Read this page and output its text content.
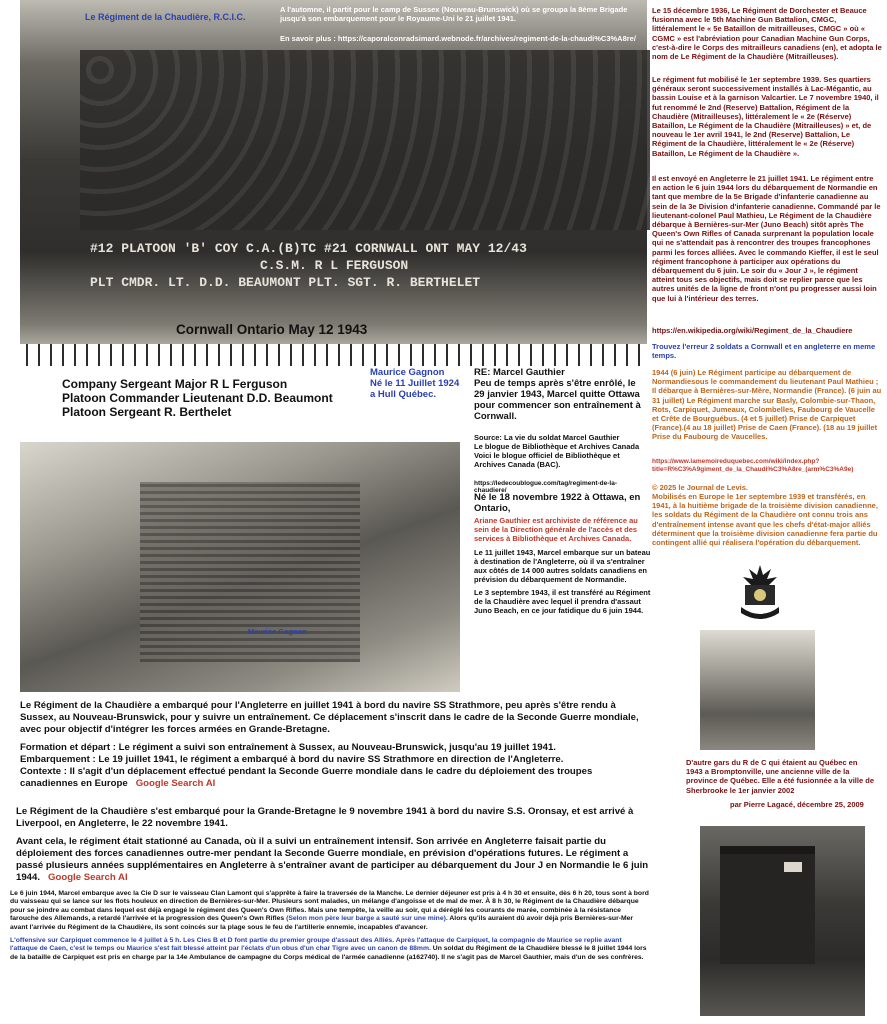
#12 PLATOON 'B' COY C.A.(B)TC #21 CORNWALL ONT MAY 12/43
C.S.M. R L FERGUSON
PLT CMDR. LT. D.D. BEAUMONT PLT. SGT. R. BERTHELET
Le Régiment de la Chaudière, R.C.I.C.
A l'automne, il partit pour le camp de Sussex (Nouveau-Brunswick) où se groupa la 8ème Brigade jusqu'à son embarquement pour le Royaume-Uni le 21 juillet 1941.
En savoir plus : https://caporalconradsimard.webnode.fr/archives/regiment-de-la-chaudi%C3%A8re/
Cornwall Ontario May 12 1943
Company Sergeant Major R L Ferguson
Platoon Commander Lieutenant D.D. Beaumont
Platoon Sergeant R. Berthelet
Maurice Gagnon
Né le 11 Juillet 1924
a Hull Québec.
RE: Marcel Gauthier
Peu de temps après s'être enrôlé, le 29 janvier 1943, Marcel quitte Ottawa pour commencer son entraînement à Cornwall.
Maurice Gagnon
Source: La vie du soldat Marcel Gauthier
Le blogue de Bibliothèque et Archives Canada
Voici le blogue officiel de Bibliothèque et Archives Canada (BAC).
https://ledecoublogue.com/tag/regiment-de-la-chaudiere/
Né le 18 novembre 1922 à Ottawa, en Ontario,
Ariane Gauthier est archiviste de référence au sein de la Direction générale de l'accès et des services à Bibliothèque et Archives Canada.
Le 11 juillet 1943, Marcel embarque sur un bateau à destination de l'Angleterre, où il va s'entraîner aux côtés de 14 000 autres soldats canadiens en prévision du débarquement de Normandie.
Le 3 septembre 1943, il est transféré au Régiment de la Chaudière avec lequel il prendra d'assaut Juno Beach, en ce jour fatidique du 6 juin 1944.

Le Régiment de la Chaudière a embarqué pour l'Angleterre en juillet 1941 à bord du navire SS Strathmore, peu après s'être rendu à Sussex, au Nouveau-Brunswick, pour y suivre un entraînement. Ce déplacement s'inscrit dans le cadre de la Seconde Guerre mondiale, avec pour objectif d'intégrer les forces armées en Grande-Bretagne.

Formation et départ : Le régiment a suivi son entraînement à Sussex, au Nouveau-Brunswick, jusqu'au 19 juillet 1941.
Embarquement : Le 19 juillet 1941, le régiment a embarqué à bord du navire SS Strathmore en direction de l'Angleterre.
Contexte : Il s'agit d'un déplacement effectué pendant la Seconde Guerre mondiale dans le cadre du déploiement des troupes canadiennes en Europe Google Search AI
Le Régiment de la Chaudière s'est embarqué pour la Grande-Bretagne le 9 novembre 1941 à bord du navire S.S. Oronsay, et est arrivé à Liverpool, en Angleterre, le 22 novembre 1941.
Avant cela, le régiment était stationné au Canada, où il a suivi un entraînement intensif. Son arrivée en Angleterre faisait partie du déploiement des forces canadiennes outre-mer pendant la Seconde Guerre mondiale, en prévision d'opérations futures. Le régiment a passé plusieurs années supplémentaires en Angleterre à s'entraîner avant de participer au débarquement du Jour J en Normandie le 6 juin 1944. Google Search AI
Le 6 juin 1944, Marcel embarque avec la Cie D sur le vaisseau Clan Lamont qui s'apprête à faire la traversée de la Manche. Le dernier déjeuner est pris à 4 h 30 et ensuite, dès 6 h 20, tous sont à bord du vaisseau qui se lance sur les flots houleux en direction de Bernières-sur-Mer. Plusieurs sont malades, un mélange d'angoisse et de mal de mer. À 8 h 30, le Régiment de la Chaudière débarque pour se joindre au combat dans lequel est déjà engagé le régiment des Queen's Own Rifles. Mais une tempête, la veille au soir, qui a déréglé les courants de marée, combinée à la résistance farouche des Allemands, a retardé l'arrivée et la progression des Queen's Own Rifles (Selon mon père leur barge a sauté sur une mine). Alors qu'ils auraient dû avoir déjà pris Bernières-sur-Mer avant l'arrivée du Régiment de la Chaudière, ils sont coincés sur la plage sous le feu de l'artillerie ennemie, incapables d'avancer.
L'offensive sur Carpiquet commence le 4 juillet à 5 h. Les Cies B et D font partie du premier groupe d'assaut des Alliés. Après l'attaque de Carpiquet, la compagnie de Maurice se replie avant l'attaque de Caen, c'est le temps ou Maurice s'est fait blessé atteint par l'éclats d'un obus d'un char Tigre avec un canon de 88mm. Un soldat du Régiment de la Chaudière blessé le 8 juillet 1944 lors de la bataille de Carpiquet est pris en charge par la 14e Ambulance de campagne du Corps médical de l'armée canadienne (a162740). Il ne s'agit pas de Marcel Gauthier, mais d'un de ses confrères.
Le 15 décembre 1936, Le Régiment de Dorchester et Beauce fusionna avec le 5th Machine Gun Battalion, CMGC, littéralement le « 5e Bataillon de mitrailleuses, CMGC » où « CGMC » est l'abréviation pour Canadian Machine Gun Corps, c'est-à-dire le Corps des mitrailleurs canadiens (en), et adopta le nom de Le Régiment de la Chaudière (Mitrailleuses).
Le régiment fut mobilisé le 1er septembre 1939. Ses quartiers généraux seront successivement installés à Lac-Mégantic, au bassin Louise et à la garnison Valcartier. Le 7 novembre 1940, il fut renommé le 2nd (Reserve) Battalion, Régiment de la Chaudière (Mitrailleuses), littéralement le « 2e (Réserve) Bataillon, Le Régiment de la Chaudière (Mitrailleuses) » et, de nouveau le 1er avril 1941, le 2nd (Reserve) Battalion, Le Régiment de la Chaudière, littéralement le « 2e (Réserve) Bataillon, Le Régiment de la Chaudière ».
Il est envoyé en Angleterre le 21 juillet 1941. Le régiment entre en action le 6 juin 1944 lors du débarquement de Normandie en tant que membre de la 5e Brigade d'infanterie canadienne au sein de la 3e Division d'infanterie canadienne. Commandé par le lieutenant-colonel Paul Mathieu, Le Régiment de la Chaudière débarque à Bernières-sur-Mer (Juno Beach) sitôt après The Queen's Own Rifles of Canada surprenant la population locale qui ne s'attendait pas à rencontrer des troupes francophones parmi les forces alliées. Avec le commando Kieffer, il est le seul régiment francophone à participer aux opérations du débarquement du 6 juin. Le soir du « Jour J », le régiment atteint tous ses objectifs, mais doit se replier parce que les autres unités de la ligne de front n'ont pu progresser aussi loin que lui à l'intérieur des terres.
https://en.wikipedia.org/wiki/Regiment_de_la_Chaudiere
Trouvez l'erreur 2 soldats a Cornwall et en angleterre en meme temps.
1944 (6 juin) Le Régiment participe au débarquement de Normandiesous le commandement du lieutenant Paul Mathieu ; Il débarque à Bernières-sur-Mère, Normandie (France). (6 juin au 31 juillet) Le Régiment marche sur Basly, Colombie-sur-Thaon, Rots, Carpiquet, Jumeaux, Colombelles, Faubourg de Vaucelle et Crête de Bourguébus. (4 et 5 juillet) Prise de Carpiquet (France).(4 au 18 juillet) Prise de Caen (France). (18 au 19 juillet Prise du Faubourg de Vaucelles.
https://www.lamemoireduquebec.com/wiki/index.php?title=R%C3%A9giment_de_la_Chaudi%C3%A8re_(arm%C3%A9e)
© 2025 le Journal de Levis.
Mobilisés en Europe le 1er septembre 1939 et transférés, en 1941, à la huitième brigade de la troisième division canadienne, les soldats du Régiment de la Chaudière ont connu trois ans d'entraînement intense avant que les chefs d'état-major alliés déterminent que la troisième division canadienne fera partie du contingent allié qui réalisera l'opération du débarquement.
D'autre gars du R de C qui étaient au Québec en 1943 a Bromptonville, une ancienne ville de la province de Québec. Elle a été fusionnée a la ville de Sherbrooke le 1er janvier 2002
par Pierre Lagacé, décembre 25, 2009
